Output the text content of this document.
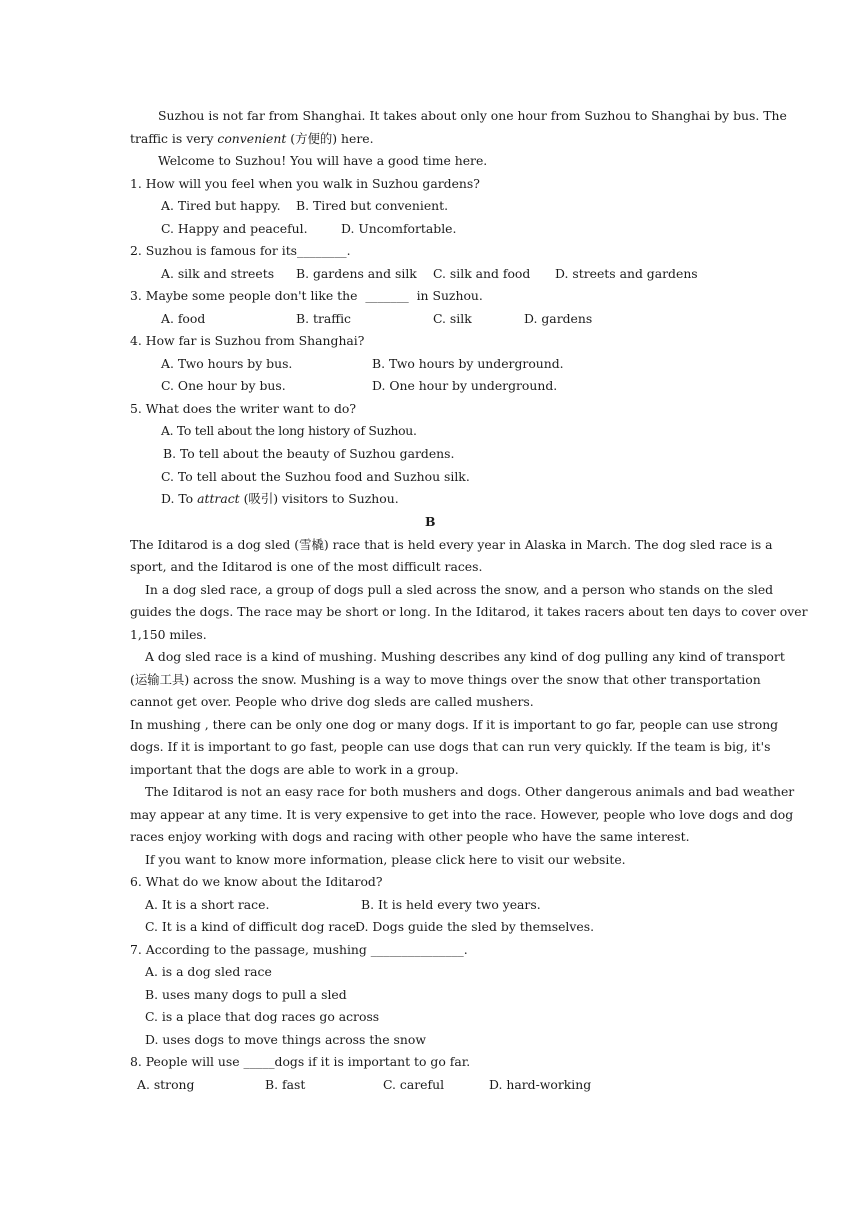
Suzhou is not far from Shanghai. It takes about only one hour from Suzhou to Shanghai by bus. The
traffic is very convenient (方便的) here.
Welcome to Suzhou! You will have a good time here.
1. How will you feel when you walk in Suzhou gardens?
A. Tired but happy. B. Tired but convenient.
C. Happy and peaceful.	D. Uncomfortable.
2. Suzhou is famous for its________.
A. silk and streets B. gardens and silk C. silk and food D. streets and gardens
3. Maybe some people don't like the  _______  in Suzhou.
A. food	B. traffic	C. silk	D. gardens
4. How far is Suzhou from Shanghai?
A. Two hours by bus.	B. Two hours by underground.
C. One hour by bus.	D. One hour by underground.
5. What does the writer want to do?
A. To tell about the long history of Suzhou.
B. To tell about the beauty of Suzhou gardens.
C. To tell about the Suzhou food and Suzhou silk.
D. To attract (吸引) visitors to Suzhou.
B
The Iditarod is a dog sled (雪橇) race that is held every year in Alaska in March. The dog sled race is a
sport, and the Iditarod is one of the most difficult races.
In a dog sled race, a group of dogs pull a sled across the snow, and a person who stands on the sled
guides the dogs. The race may be short or long. In the Iditarod, it takes racers about ten days to cover over
1,150 miles.
A dog sled race is a kind of mushing. Mushing describes any kind of dog pulling any kind of transport
(运输工具) across the snow. Mushing is a way to move things over the snow that other transportation
cannot get over. People who drive dog sleds are called mushers.
In mushing , there can be only one dog or many dogs. If it is important to go far, people can use strong
dogs. If it is important to go fast, people can use dogs that can run very quickly. If the team is big, it's
important that the dogs are able to work in a group.
The Iditarod is not an easy race for both mushers and dogs. Other dangerous animals and bad weather
may appear at any time. It is very expensive to get into the race. However, people who love dogs and dog
races enjoy working with dogs and racing with other people who have the same interest.
If you want to know more information, please click here to visit our website.
6. What do we know about the Iditarod?
A. It is a short race.	B. It is held every two years.
C. It is a kind of difficult dog race.
D. Dogs guide the sled by themselves.
7. According to the passage, mushing _______________.
A. is a dog sled race
B. uses many dogs to pull a sled
C. is a place that dog races go across
D. uses dogs to move things across the snow
8. People will use _____dogs if it is important to go far.
A. strong	B. fast	C. careful	D. hard-working
